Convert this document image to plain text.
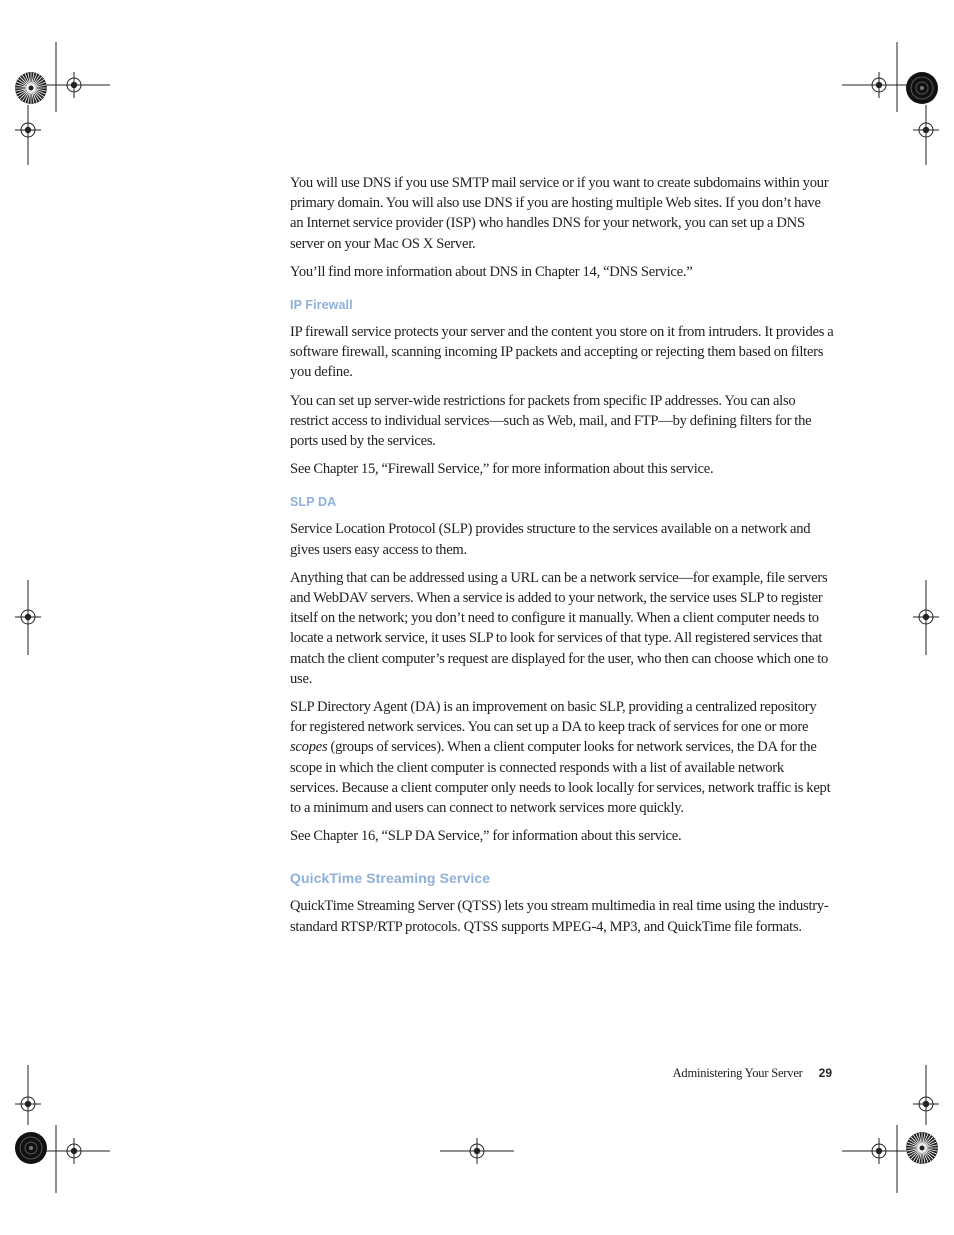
You will use DNS if you use SMTP mail service or if you want to create subdomains within your primary domain. You will also use DNS if you are hosting multiple Web sites. If you don’t have an Internet service provider (ISP) who handles DNS for your network, you can set up a DNS server on your Mac OS X Server.

You’ll find more information about DNS in Chapter 14, “DNS Service.”

IP Firewall

IP firewall service protects your server and the content you store on it from intruders. It provides a software firewall, scanning incoming IP packets and accepting or rejecting them based on filters you define.

You can set up server-wide restrictions for packets from specific IP addresses. You can also restrict access to individual services—such as Web, mail, and FTP—by defining filters for the ports used by the services.

See Chapter 15, “Firewall Service,” for more information about this service.

SLP DA

Service Location Protocol (SLP) provides structure to the services available on a network and gives users easy access to them.

Anything that can be addressed using a URL can be a network service—for example, file servers and WebDAV servers. When a service is added to your network, the service uses SLP to register itself on the network; you don’t need to configure it manually. When a client computer needs to locate a network service, it uses SLP to look for services of that type. All registered services that match the client computer’s request are displayed for the user, who then can choose which one to use.

SLP Directory Agent (DA) is an improvement on basic SLP, providing a centralized repository for registered network services. You can set up a DA to keep track of services for one or more scopes (groups of services). When a client computer looks for network services, the DA for the scope in which the client computer is connected responds with a list of available network services. Because a client computer only needs to look locally for services, network traffic is kept to a minimum and users can connect to network services more quickly.

See Chapter 16, “SLP DA Service,” for information about this service.

QuickTime Streaming Service

QuickTime Streaming Server (QTSS) lets you stream multimedia in real time using the industry-standard RTSP/RTP protocols. QTSS supports MPEG-4, MP3, and QuickTime file formats.

Administering Your Server 29
